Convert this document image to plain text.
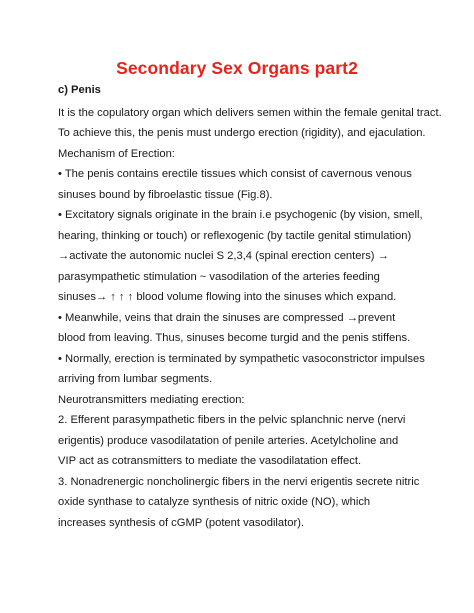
Secondary Sex Organs part2
c) Penis
It is the copulatory organ which delivers semen within the female genital tract.
To achieve this, the penis must undergo erection (rigidity), and ejaculation.
Mechanism of Erection:
• The penis contains erectile tissues which consist of cavernous venous
sinuses bound by fibroelastic tissue (Fig.8).
• Excitatory signals originate in the brain i.e psychogenic (by vision, smell,
hearing, thinking or touch) or reflexogenic (by tactile genital stimulation)
→activate the autonomic nuclei S 2,3,4 (spinal erection centers) →
parasympathetic stimulation ~ vasodilation of the arteries feeding
sinuses→ ↑ ↑ ↑ blood volume flowing into the sinuses which expand.
• Meanwhile, veins that drain the sinuses are compressed →prevent
blood from leaving. Thus, sinuses become turgid and the penis stiffens.
• Normally, erection is terminated by sympathetic vasoconstrictor impulses
arriving from lumbar segments.
Neurotransmitters mediating erection:
2. Efferent parasympathetic fibers in the pelvic splanchnic nerve (nervi
erigentis) produce vasodilatation of penile arteries. Acetylcholine and
VIP act as cotransmitters to mediate the vasodilatation effect.
3. Nonadrenergic noncholinergic fibers in the nervi erigentis secrete nitric
oxide synthase to catalyze synthesis of nitric oxide (NO), which
increases synthesis of cGMP (potent vasodilator).
